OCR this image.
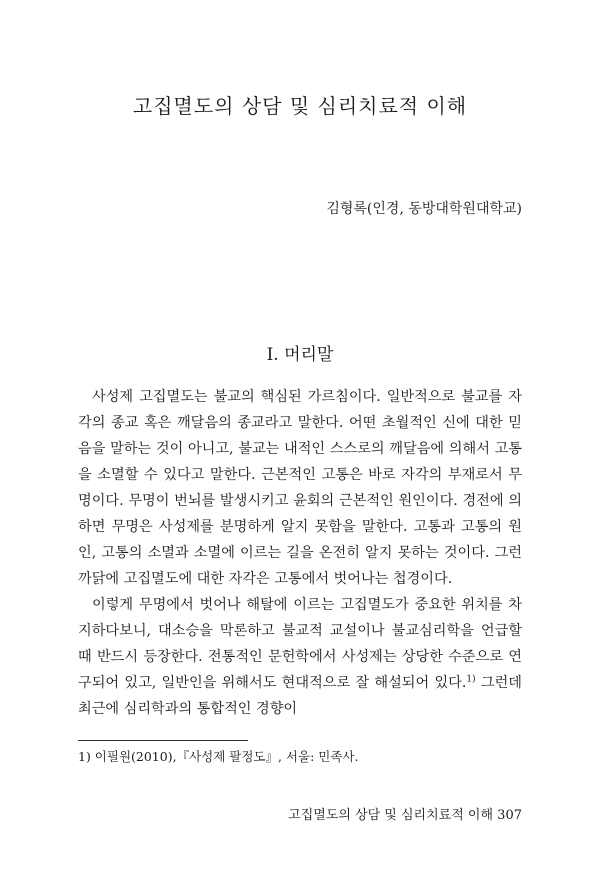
고집멸도의 상담 및 심리치료적 이해
김형록(인경, 동방대학원대학교)
Ⅰ. 머리말

사성제 고집멸도는 불교의 핵심된 가르침이다. 일반적으로 불교를 자각의 종교 혹은 깨달음의 종교라고 말한다. 어떤 초월적인 신에 대한 믿음을 말하는 것이 아니고, 불교는 내적인 스스로의 깨달음에 의해서 고통을 소멸할 수 있다고 말한다. 근본적인 고통은 바로 자각의 부재로서 무명이다. 무명이 번뇌를 발생시키고 윤회의 근본적인 원인이다. 경전에 의하면 무명은 사성제를 분명하게 알지 못함을 말한다. 고통과 고통의 원인, 고통의 소멸과 소멸에 이르는 길을 온전히 알지 못하는 것이다. 그런 까닭에 고집멸도에 대한 자각은 고통에서 벗어나는 첩경이다.

이렇게 무명에서 벗어나 해탈에 이르는 고집멸도가 중요한 위치를 차지하다보니, 대소승을 막론하고 불교적 교설이나 불교심리학을 언급할 때 반드시 등장한다. 전통적인 문헌학에서 사성제는 상당한 수준으로 연구되어 있고, 일반인을 위해서도 현대적으로 잘 해설되어 있다.$^{1)}$ 그런데 최근에 심리학과의 통합적인 경향이

1) 이필원(2010),『사성제 팔정도』, 서울: 민족사.
고집멸도의 상담 및 심리치료적 이해 307
